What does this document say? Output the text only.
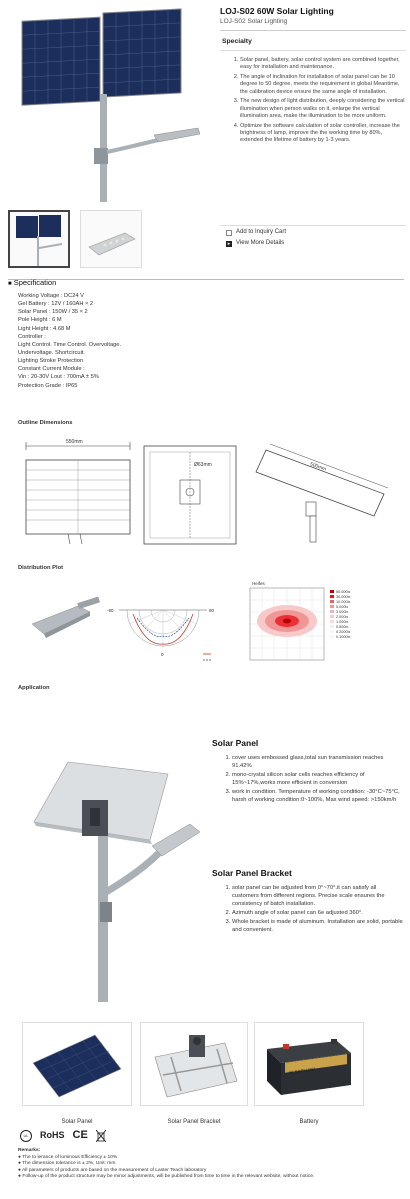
LOJ-S02 60W Solar Lighting
LOJ-S02 Solar Lighting
Specialty
1. Solar panel, battery, solar control system are combined together, easy for installation and maintenance.
2. The angle of inclination for installation of solar panel can be 10 degree to 50 degree, meets the requirement in global Meantime, the calibration device ensure the same angle of installation.
3. The new design of light distribution, deeply considering the vertical illumination when person walks on it, enlarge the vertical illumination area, make the illumination to be more uniform.
4. Optimize the software calculation of solar controller, increase the brightness of lamp, improve the the working time by 80%, extended the lifetime of battery by 1-3 years.
Add to Inquiry Cart
▸ View More Details
■ Specification
Working Voltage : DC24 V
Gel Battery : 12V / 160AH × 2
Solar Panel : 150W / 35 × 2
Pole Height : 6 M
Light Height : 4.68 M
Controller :
Light Control. Time Control. Overvoltage.
Undervoltage. Shortcircuit.
Lighting Stroke Protection
Constant Current Module :
Vin : 20-30V Lout : 700mA ± 5%
Protection Grade : IP65
Outline Dimensions
550mm
Ø63mm	500mm
Distribution Plot
-90	90
0
Heifes
50.000lx
30.000lx
10.000lx
5.000lx
3.000lx
2.000lx
1.000lx
0.500lx
0.2000lx
0.1000lx
Application
Solar Panel
1. cover uses embossed glass,total sun transmission reaches 91.42%
2. mono-crystal silicon solar cells reaches efficiency of 15%~17%,works more efficient in conversion
3. work in condition. Temperature of working condition: -30°C~75°C, harsh of working condition:0~100%, Max wind speed: >150km/h
Solar Panel Bracket
1. solar panel can be adjusted from 0°~70°.it can satisfy all customers from different regions. Precise scale ensures the consistency of batch installation.
2. Azimuth angle of solar panel can 6e adjusted 360°.
3. Whole bracket is made of aluminum. Installation are solid, portable and convenient.
SLSAPLUSB
Solar Panel	Solar Panel Bracket	Battery
UL	RoHS CE
Remarks:
● The to lerance of luminous Efficiency ± 10%
● The dimension tolerance is ± 2%, Unit: mm
● All parameters of products are based on the measurement of Laster Teach laboratory
● Follow-up of the product structure may be minor adjustments, will be published from time to time in the relevant website, without notice.
